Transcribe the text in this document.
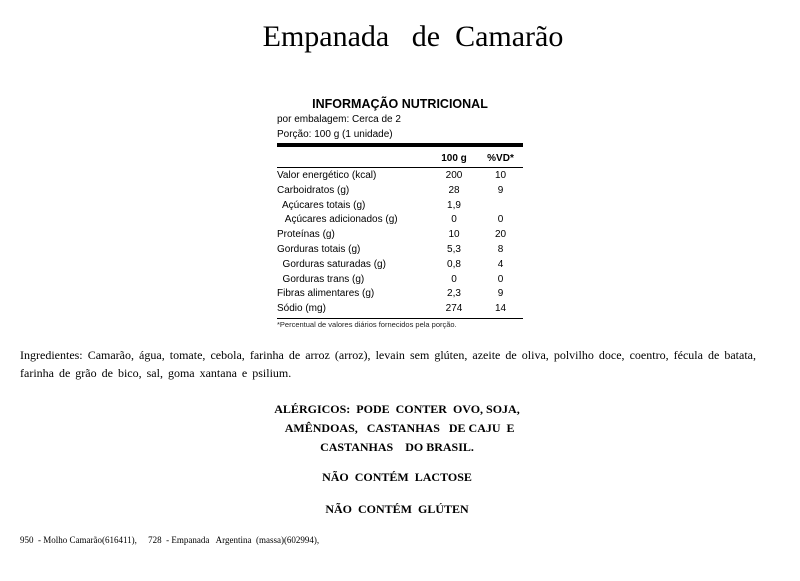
Empanada   de  Camarão
INFORMAÇÃO NUTRICIONAL
por embalagem: Cerca de 2
Porção: 100 g (1 unidade)
100 g	%VD*
Valor energético (kcal)	200	10
Carboidratos (g)	28	9
Açúcares totais (g)	1,9
Açúcares adicionados (g)	0	0
Proteínas (g)	10	20
Gorduras totais (g)	5,3	8
Gorduras saturadas (g)	0,8	4
Gorduras trans (g)	0	0
Fibras alimentares (g)	2,3	9
Sódio (mg)	274	14
*Percentual de valores diários fornecidos pela porção.
Ingredientes: Camarão, água, tomate, cebola, farinha de arroz (arroz), levain sem glúten, azeite de oliva, polvilho doce, coentro, fécula de batata, farinha de grão de bico, sal, goma xantana e psilium.
ALÉRGICOS:  PODE  CONTER  OVO, SOJA,
AMÊNDOAS,   CASTANHAS   DE CAJU  E
CASTANHAS    DO BRASIL.
NÃO  CONTÉM  LACTOSE
NÃO  CONTÉM  GLÚTEN
950  - Molho Camarão(616411),     728  - Empanada   Argentina  (massa)(602994),
